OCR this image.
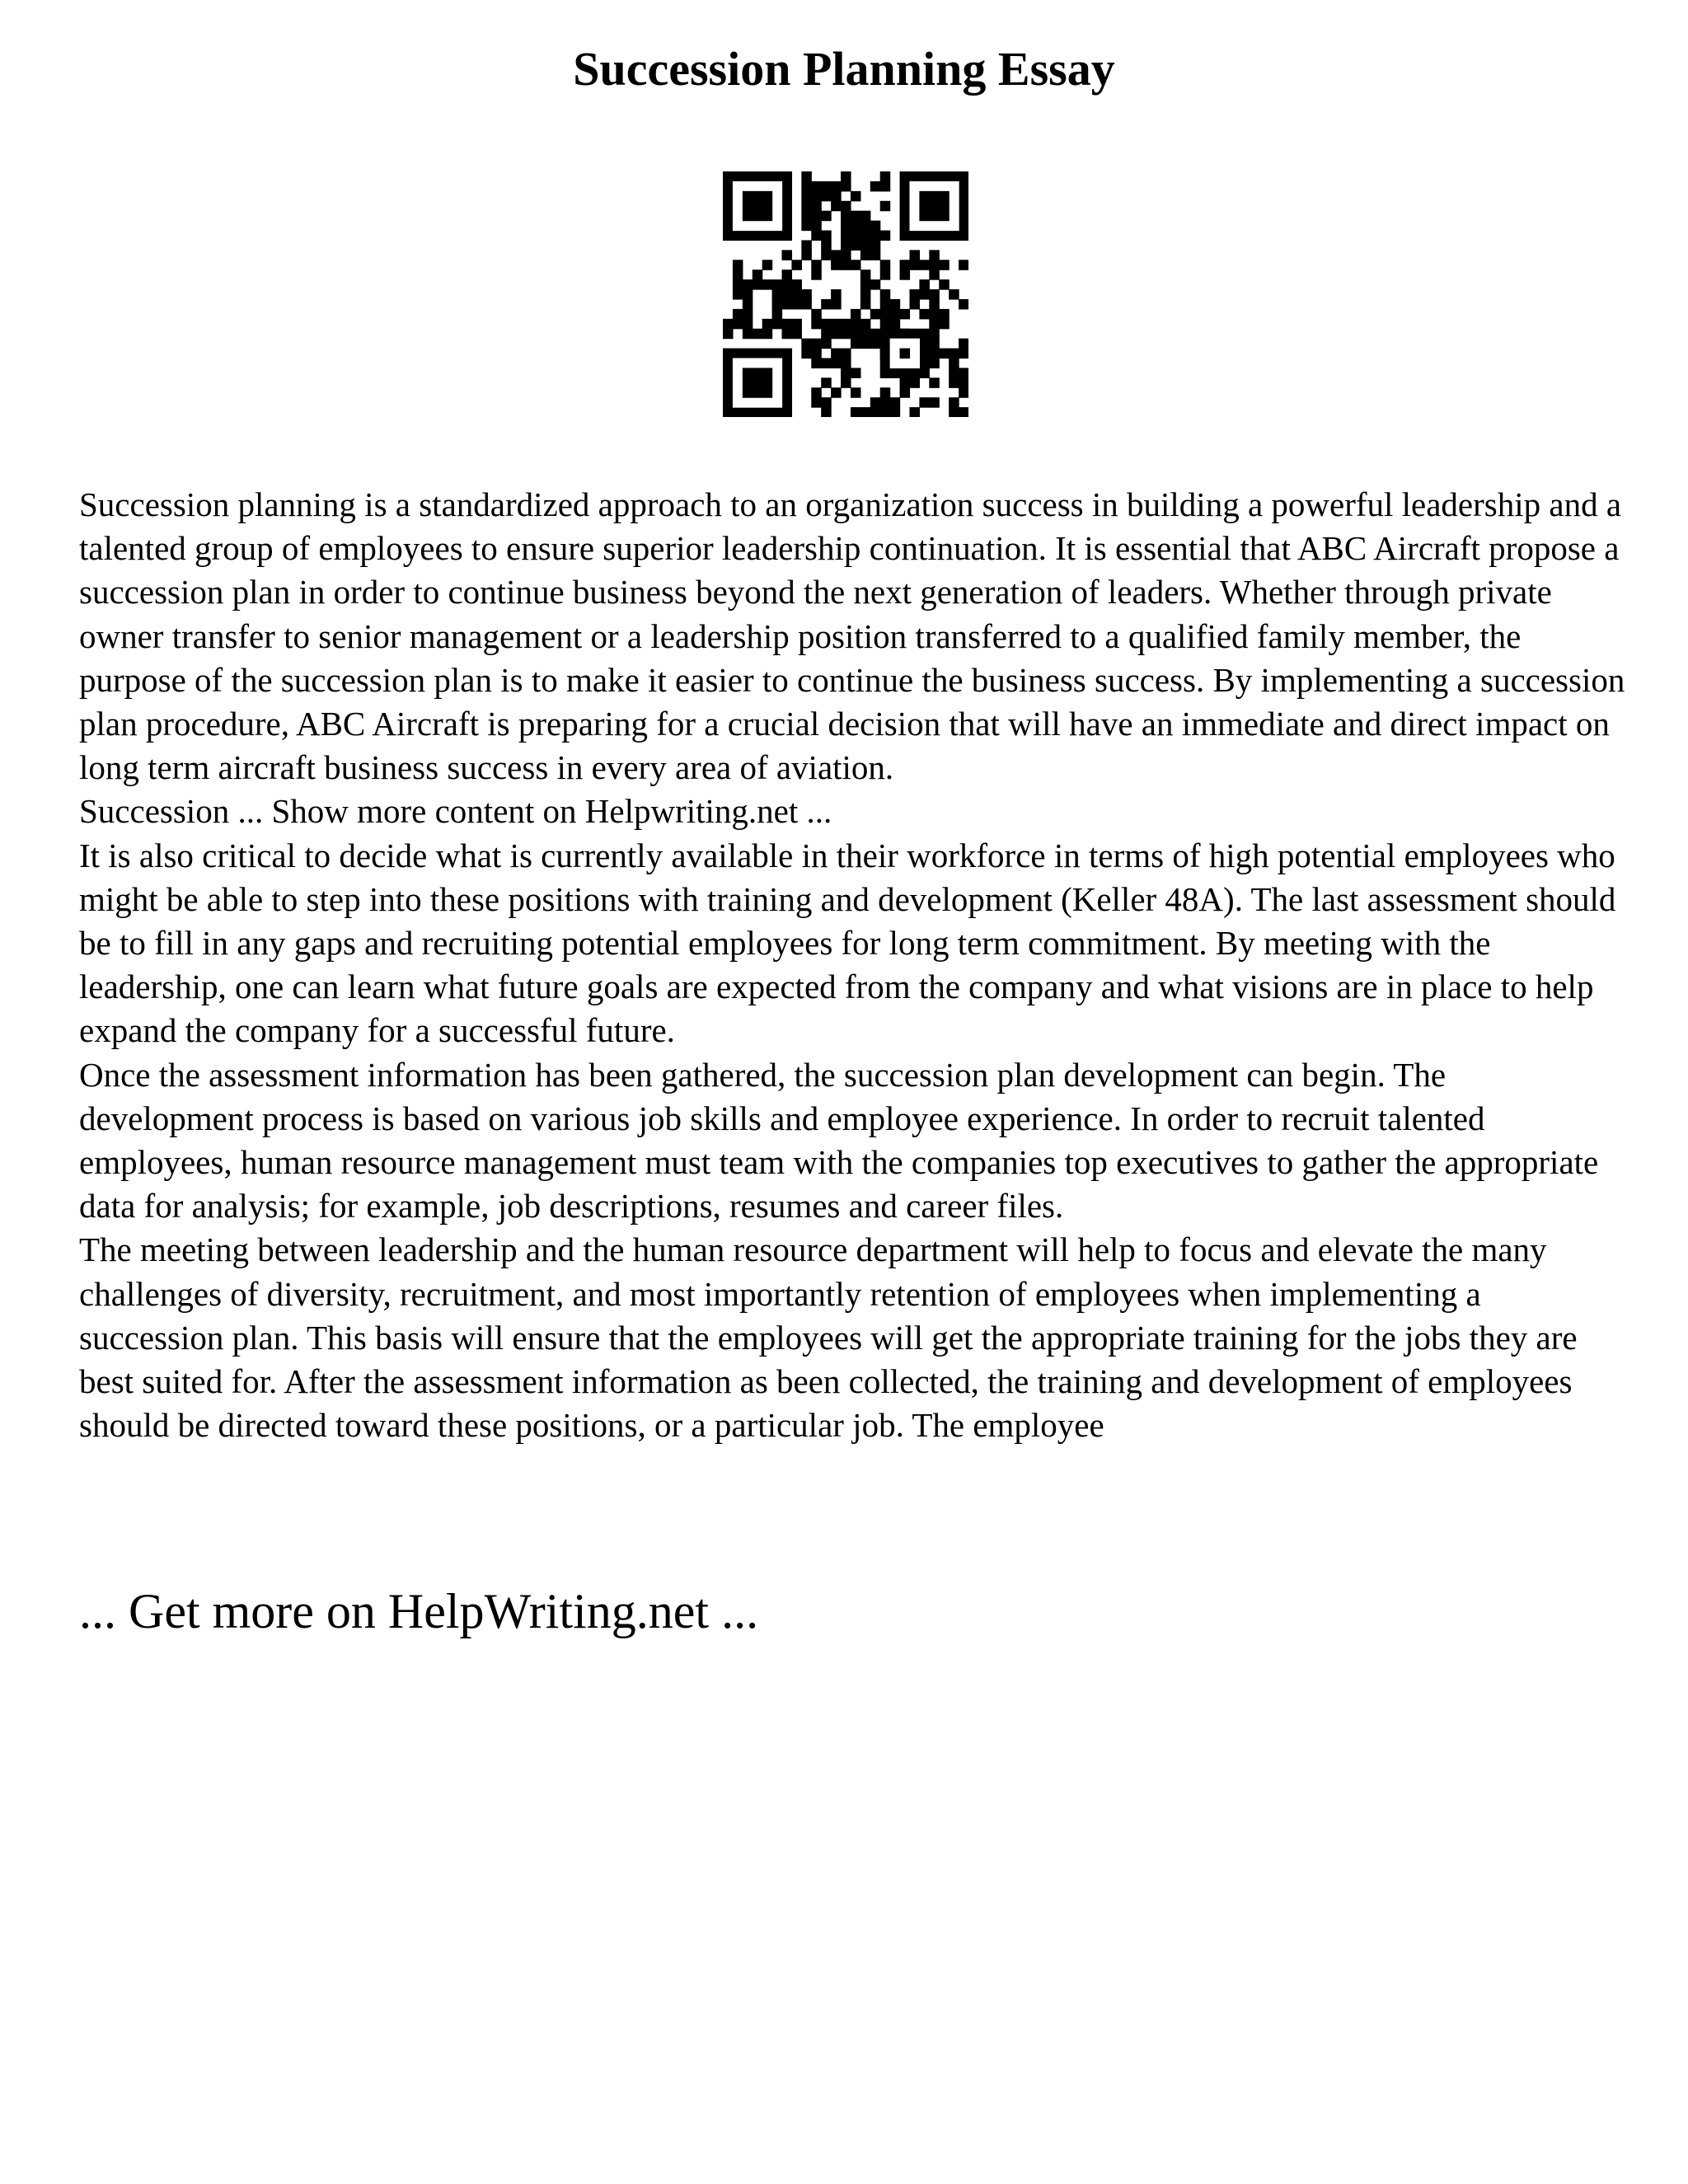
Succession Planning Essay

Succession planning is a standardized approach to an organization success in building a powerful leadership and a talented group of employees to ensure superior leadership continuation. It is essential that ABC Aircraft propose a succession plan in order to continue business beyond the next generation of leaders. Whether through private owner transfer to senior management or a leadership position transferred to a qualified family member, the purpose of the succession plan is to make it easier to continue the business success. By implementing a succession plan procedure, ABC Aircraft is preparing for a crucial decision that will have an immediate and direct impact on long term aircraft business success in every area of aviation.

Succession ... Show more content on Helpwriting.net ...

It is also critical to decide what is currently available in their workforce in terms of high potential employees who might be able to step into these positions with training and development (Keller 48A). The last assessment should be to fill in any gaps and recruiting potential employees for long term commitment. By meeting with the leadership, one can learn what future goals are expected from the company and what visions are in place to help expand the company for a successful future.

Once the assessment information has been gathered, the succession plan development can begin. The development process is based on various job skills and employee experience. In order to recruit talented employees, human resource management must team with the companies top executives to gather the appropriate data for analysis; for example, job descriptions, resumes and career files.

The meeting between leadership and the human resource department will help to focus and elevate the many challenges of diversity, recruitment, and most importantly retention of employees when implementing a succession plan. This basis will ensure that the employees will get the appropriate training for the jobs they are best suited for. After the assessment information as been collected, the training and development of employees should be directed toward these positions, or a particular job. The employee

... Get more on HelpWriting.net ...
